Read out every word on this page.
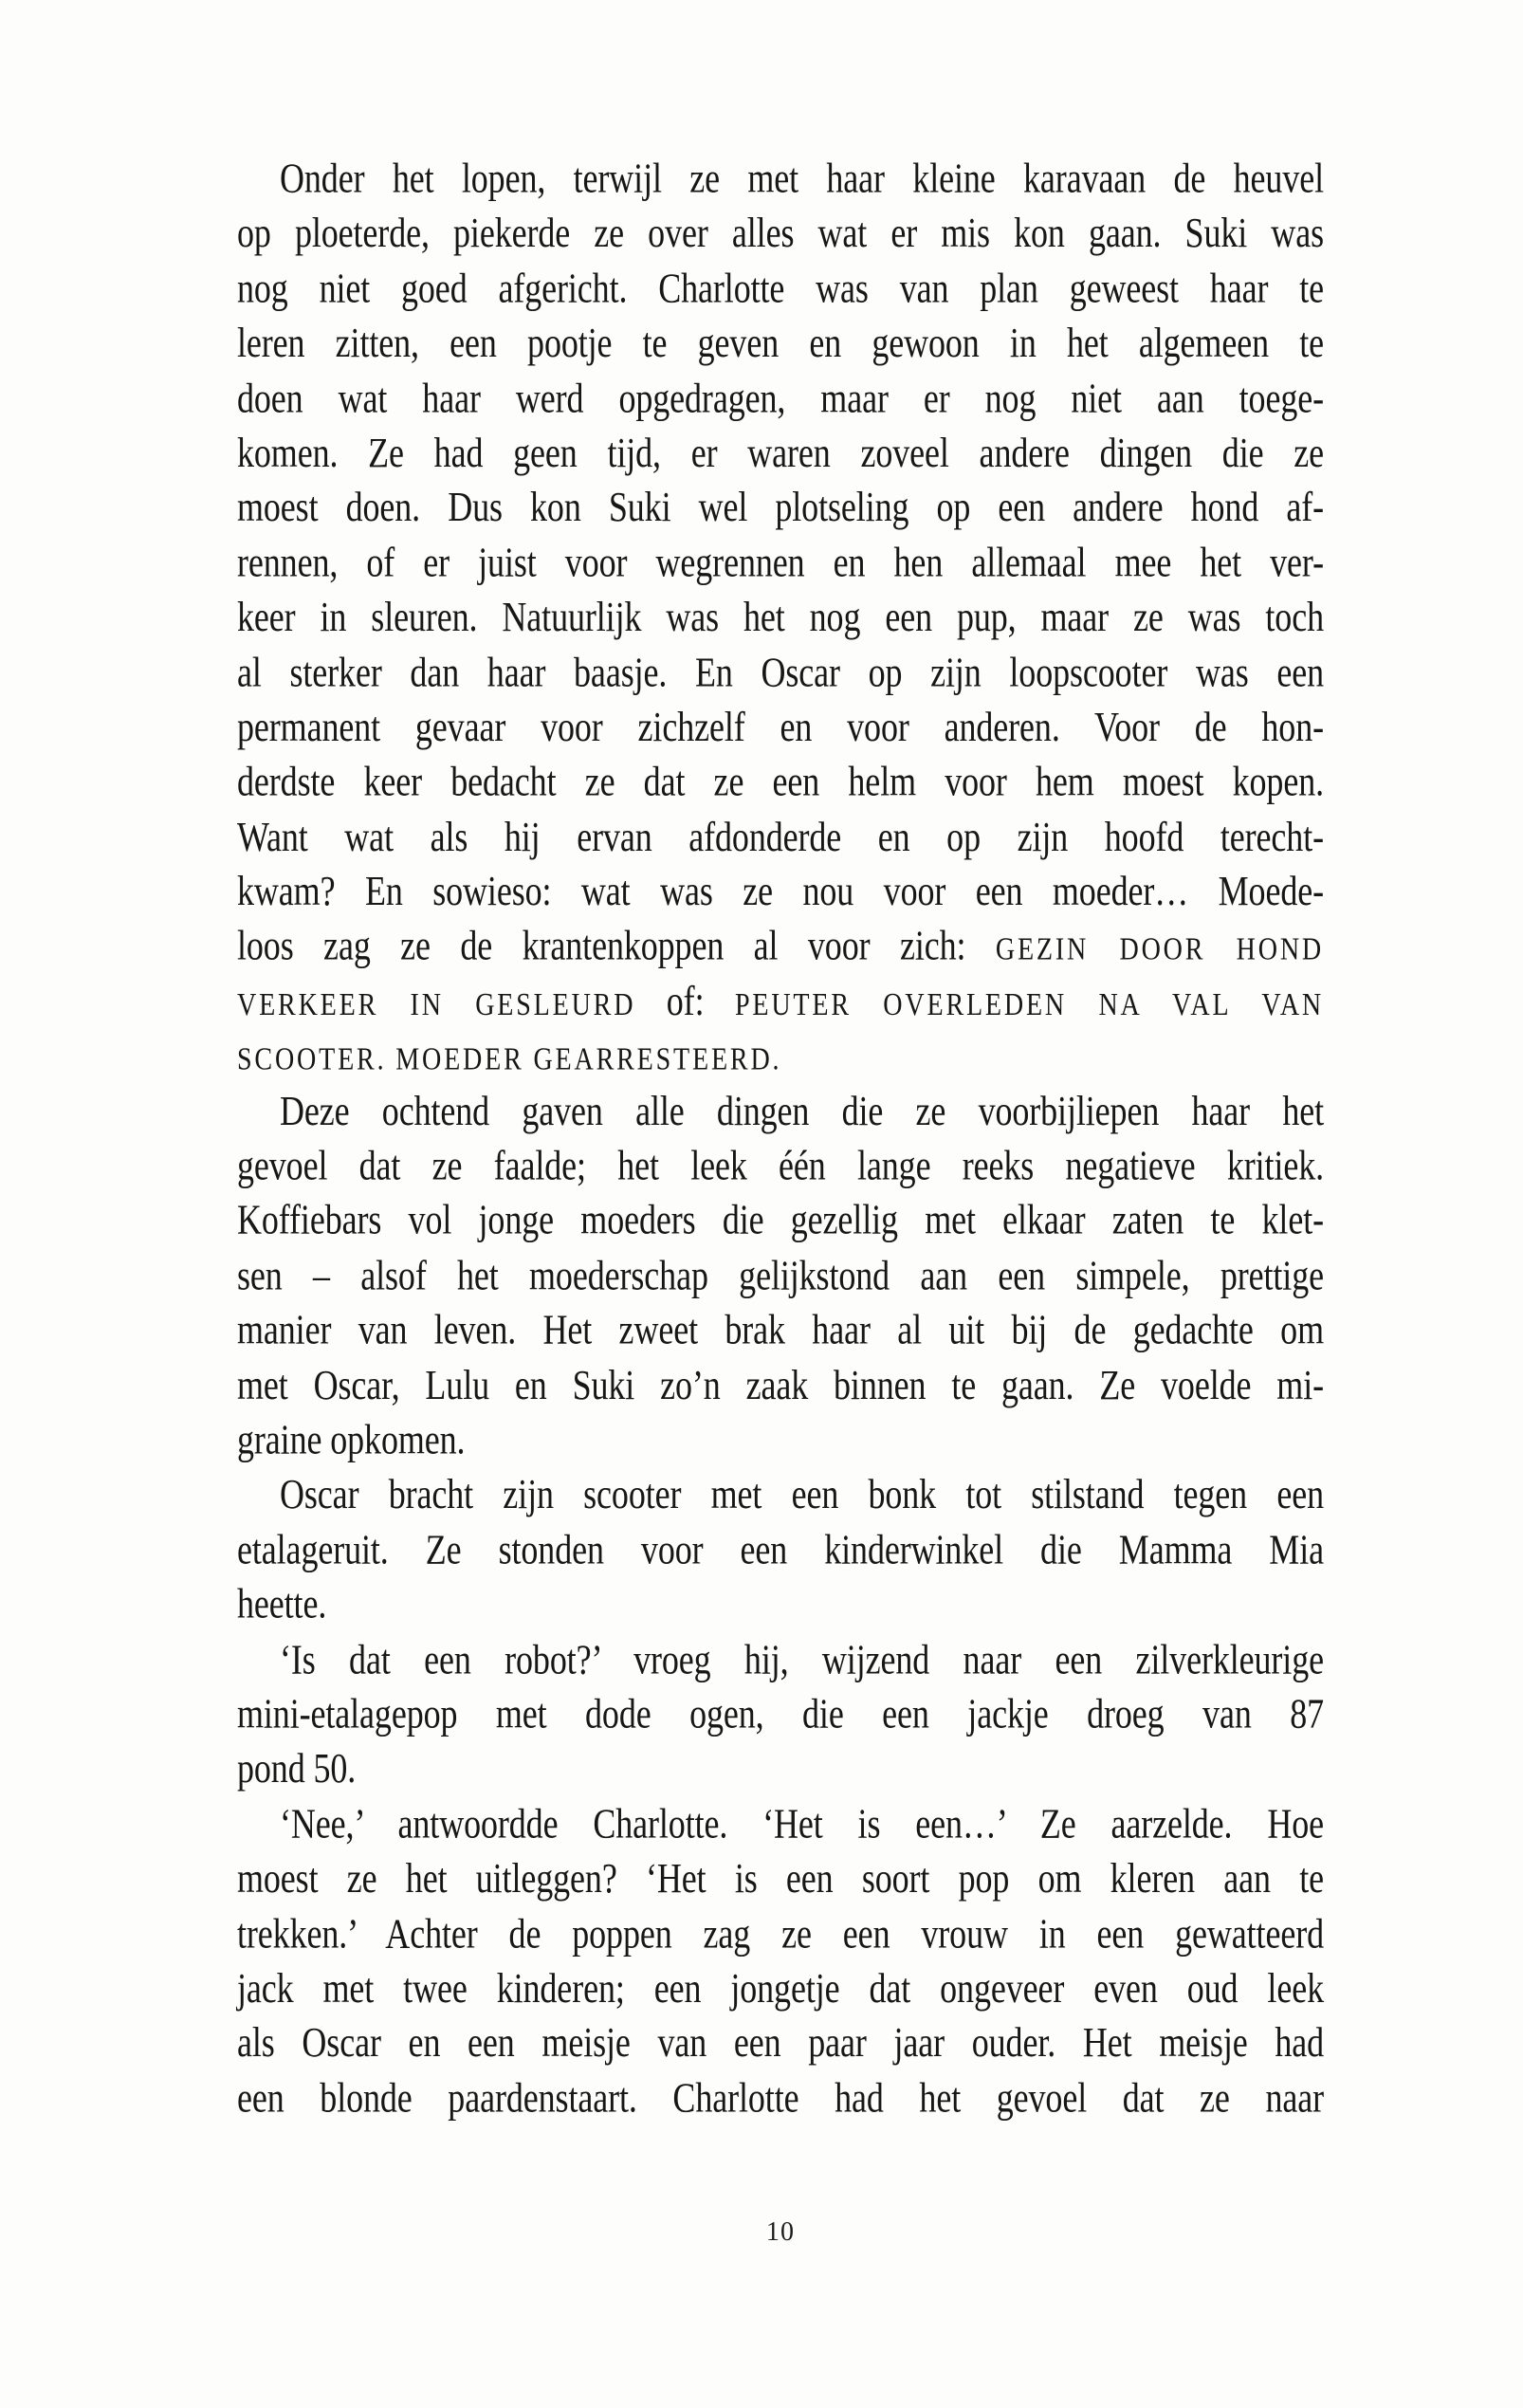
Onder het lopen, terwijl ze met haar kleine karavaan de heuvel
op ploeterde, piekerde ze over alles wat er mis kon gaan. Suki was
nog niet goed afgericht. Charlotte was van plan geweest haar te
leren zitten, een pootje te geven en gewoon in het algemeen te
doen wat haar werd opgedragen, maar er nog niet aan toege-
komen. Ze had geen tijd, er waren zoveel andere dingen die ze
moest doen. Dus kon Suki wel plotseling op een andere hond af-
rennen, of er juist voor wegrennen en hen allemaal mee het ver-
keer in sleuren. Natuurlijk was het nog een pup, maar ze was toch
al sterker dan haar baasje. En Oscar op zijn loopscooter was een
permanent gevaar voor zichzelf en voor anderen. Voor de hon-
derdste keer bedacht ze dat ze een helm voor hem moest kopen.
Want wat als hij ervan afdonderde en op zijn hoofd terecht-
kwam? En sowieso: wat was ze nou voor een moeder… Moede-
loos zag ze de krantenkoppen al voor zich: GEZIN DOOR HOND
VERKEER IN GESLEURD of: PEUTER OVERLEDEN NA VAL VAN
SCOOTER. MOEDER GEARRESTEERD.
Deze ochtend gaven alle dingen die ze voorbijliepen haar het
gevoel dat ze faalde; het leek één lange reeks negatieve kritiek.
Koffiebars vol jonge moeders die gezellig met elkaar zaten te klet-
sen – alsof het moederschap gelijkstond aan een simpele, prettige
manier van leven. Het zweet brak haar al uit bij de gedachte om
met Oscar, Lulu en Suki zo’n zaak binnen te gaan. Ze voelde mi-
graine opkomen.
Oscar bracht zijn scooter met een bonk tot stilstand tegen een
etalageruit. Ze stonden voor een kinderwinkel die Mamma Mia
heette.
‘Is dat een robot?’ vroeg hij, wijzend naar een zilverkleurige
mini-etalagepop met dode ogen, die een jackje droeg van 87
pond 50.
‘Nee,’ antwoordde Charlotte. ‘Het is een…’ Ze aarzelde. Hoe
moest ze het uitleggen? ‘Het is een soort pop om kleren aan te
trekken.’ Achter de poppen zag ze een vrouw in een gewatteerd
jack met twee kinderen; een jongetje dat ongeveer even oud leek
als Oscar en een meisje van een paar jaar ouder. Het meisje had
een blonde paardenstaart. Charlotte had het gevoel dat ze naar
10
